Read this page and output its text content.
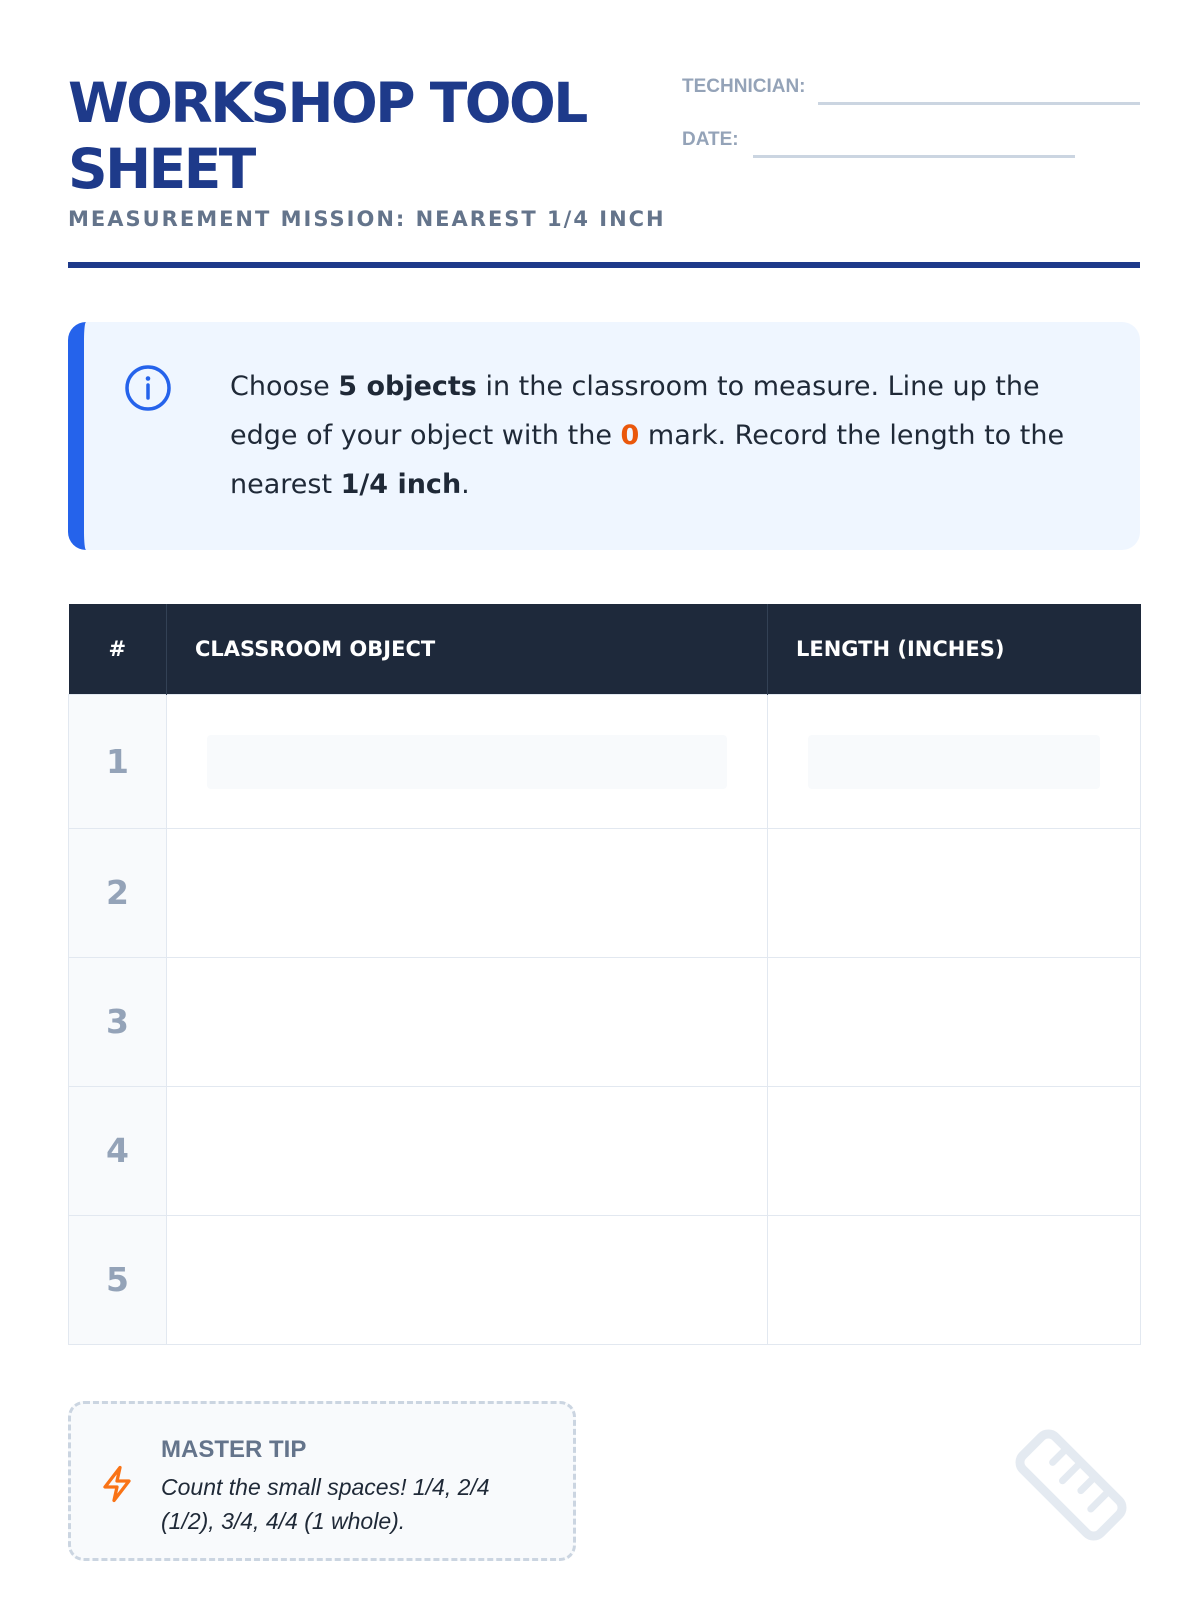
WORKSHOP TOOL SHEET
MEASUREMENT MISSION: NEAREST 1/4 INCH
TECHNICIAN:
DATE:

Choose 5 objects in the classroom to measure. Line up the edge of your object with the 0 mark. Record the length to the nearest 1/4 inch.

#	CLASSROOM OBJECT	LENGTH (INCHES)
1	

2		
3		
4		
5		
MASTER TIP
Count the small spaces! 1/4, 2/4 (1/2), 3/4, 4/4 (1 whole).
